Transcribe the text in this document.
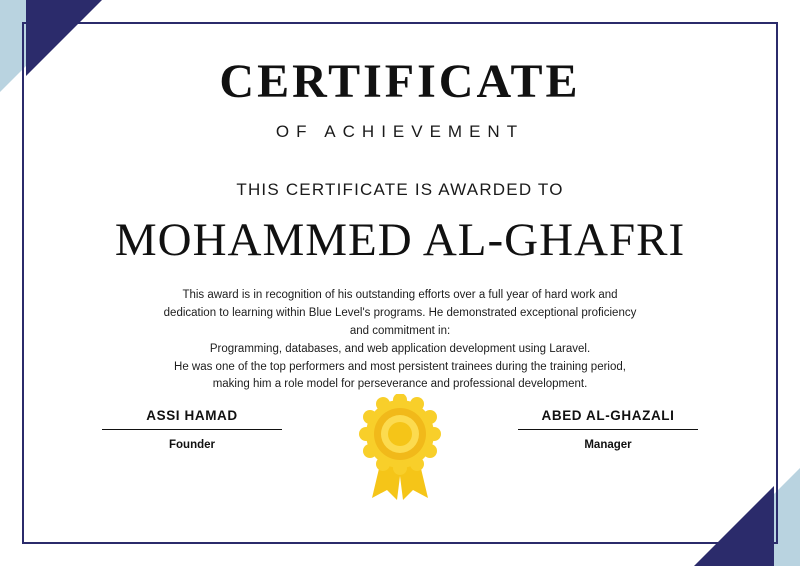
CERTIFICATE
OF ACHIEVEMENT
THIS CERTIFICATE IS AWARDED TO
MOHAMMED AL-GHAFRI

This award is in recognition of his outstanding efforts over a full year of hard work and

dedication to learning within Blue Level's programs. He demonstrated exceptional proficiency

and commitment in:

Programming, databases, and web application development using Laravel.

He was one of the top performers and most persistent trainees during the training period,

making him a role model for perseverance and professional development.

ASSI HAMAD
Founder
ABED AL-GHAZALI
Manager
